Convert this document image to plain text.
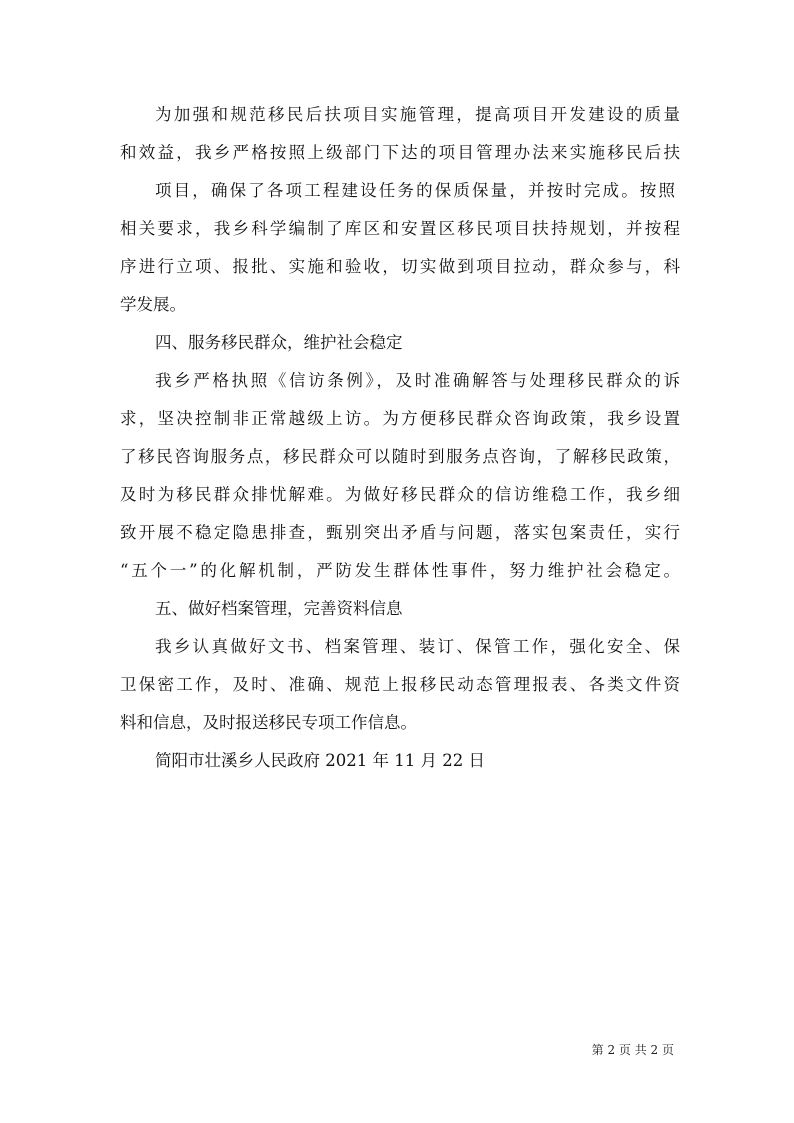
为加强和规范移民后扶项目实施管理，提高项目开发建设的质量
和效益，我乡严格按照上级部门下达的项目管理办法来实施移民后扶
项目，确保了各项工程建设任务的保质保量，并按时完成。按照
相关要求，我乡科学编制了库区和安置区移民项目扶持规划，并按程
序进行立项、报批、实施和验收，切实做到项目拉动，群众参与，科
学发展。
四、服务移民群众，维护社会稳定
我乡严格执照《信访条例》，及时准确解答与处理移民群众的诉
求，坚决控制非正常越级上访。为方便移民群众咨询政策，我乡设置
了移民咨询服务点，移民群众可以随时到服务点咨询，了解移民政策，
及时为移民群众排忧解难。为做好移民群众的信访维稳工作，我乡细
致开展不稳定隐患排查，甄别突出矛盾与问题，落实包案责任，实行
“五个一”的化解机制，严防发生群体性事件，努力维护社会稳定。
五、做好档案管理，完善资料信息
我乡认真做好文书、档案管理、装订、保管工作，强化安全、保
卫保密工作，及时、准确、规范上报移民动态管理报表、各类文件资
料和信息，及时报送移民专项工作信息。
简阳市壮溪乡人民政府 2021 年 11 月 22 日
第 2 页 共 2 页
